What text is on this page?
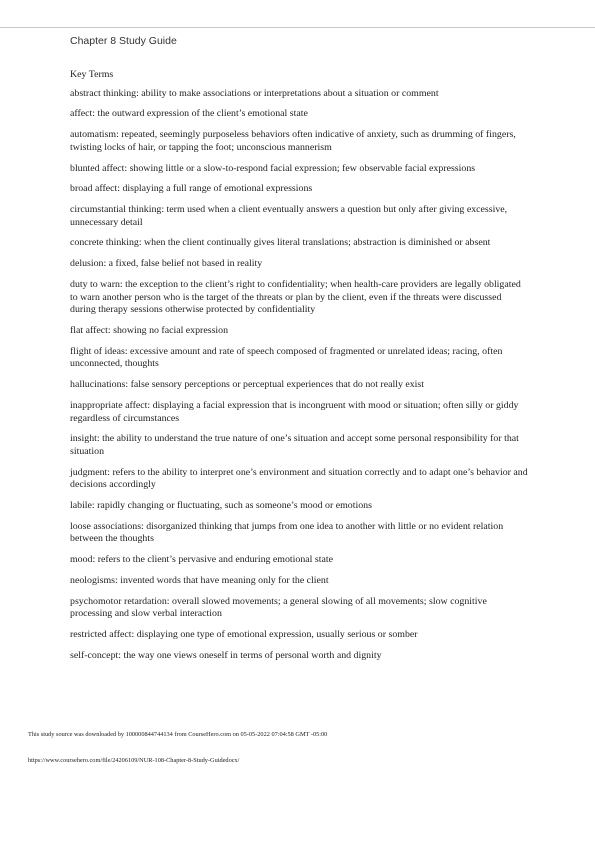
Chapter 8 Study Guide
Key Terms
abstract thinking: ability to make associations or interpretations about a situation or comment
affect: the outward expression of the client’s emotional state
automatism: repeated, seemingly purposeless behaviors often indicative of anxiety, such as drumming of fingers, twisting locks of hair, or tapping the foot; unconscious mannerism
blunted affect: showing little or a slow-to-respond facial expression; few observable facial expressions
broad affect: displaying a full range of emotional expressions
circumstantial thinking: term used when a client eventually answers a question but only after giving excessive, unnecessary detail
concrete thinking: when the client continually gives literal translations; abstraction is diminished or absent
delusion: a fixed, false belief not based in reality
duty to warn: the exception to the client’s right to confidentiality; when health-care providers are legally obligated to warn another person who is the target of the threats or plan by the client, even if the threats were discussed during therapy sessions otherwise protected by confidentiality
flat affect: showing no facial expression
flight of ideas: excessive amount and rate of speech composed of fragmented or unrelated ideas; racing, often unconnected, thoughts
hallucinations: false sensory perceptions or perceptual experiences that do not really exist
inappropriate affect: displaying a facial expression that is incongruent with mood or situation; often silly or giddy regardless of circumstances
insight: the ability to understand the true nature of one’s situation and accept some personal responsibility for that situation
judgment: refers to the ability to interpret one’s environment and situation correctly and to adapt one’s behavior and decisions accordingly
labile: rapidly changing or fluctuating, such as someone’s mood or emotions
loose associations: disorganized thinking that jumps from one idea to another with little or no evident relation between the thoughts
mood: refers to the client’s pervasive and enduring emotional state
neologisms: invented words that have meaning only for the client
psychomotor retardation: overall slowed movements; a general slowing of all movements; slow cognitive processing and slow verbal interaction
restricted affect: displaying one type of emotional expression, usually serious or somber
self-concept: the way one views oneself in terms of personal worth and dignity
This study source was downloaded by 100000844744134 from CourseHero.com on 05-05-2022 07:04:58 GMT -05:00
https://www.coursehero.com/file/24206109/NUR-108-Chapter-8-Study-Guidedocx/
